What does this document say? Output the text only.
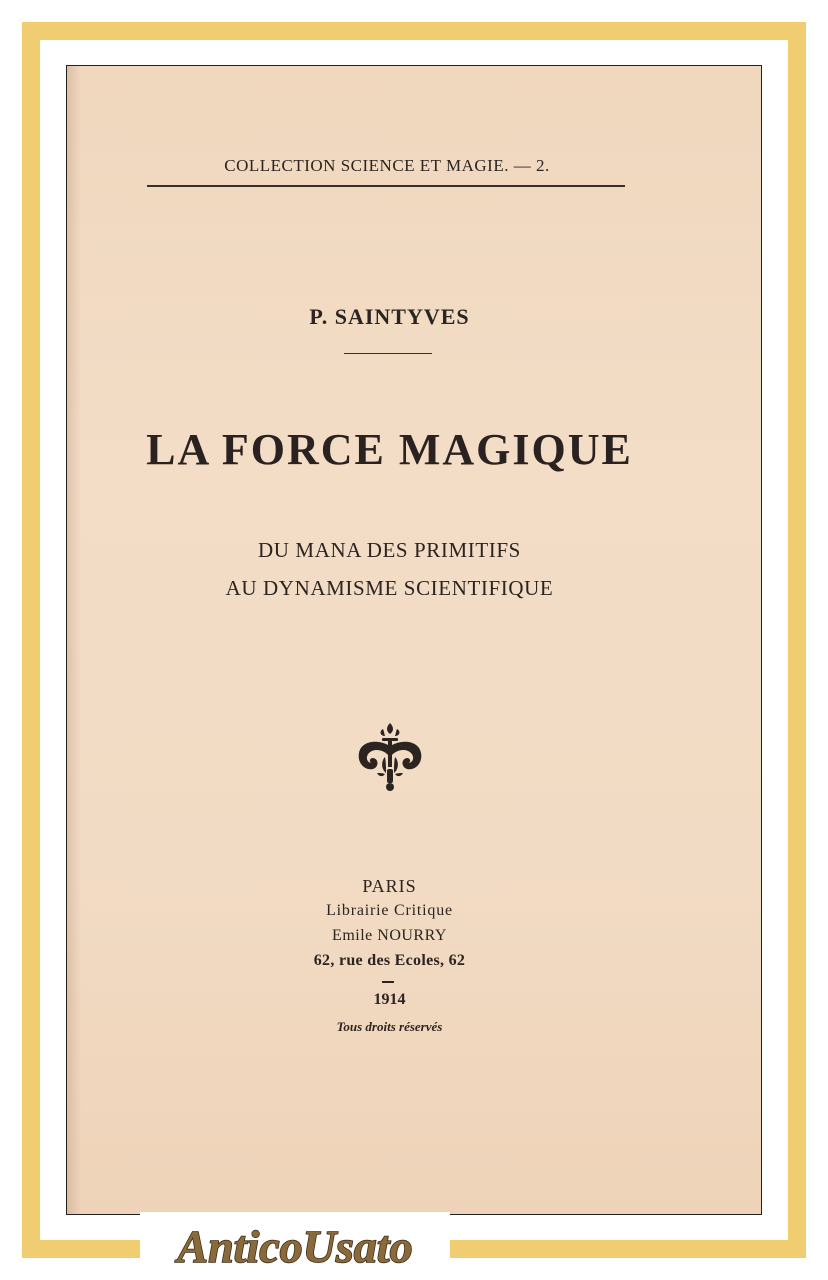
COLLECTION SCIENCE ET MAGIE. — 2.
P. SAINTYVES
LA FORCE MAGIQUE
DU MANA DES PRIMITIFS
AU DYNAMISME SCIENTIFIQUE
PARIS
Librairie Critique
Emile NOURRY
62, rue des Ecoles, 62
1914
Tous droits réservés
AnticoUsato
